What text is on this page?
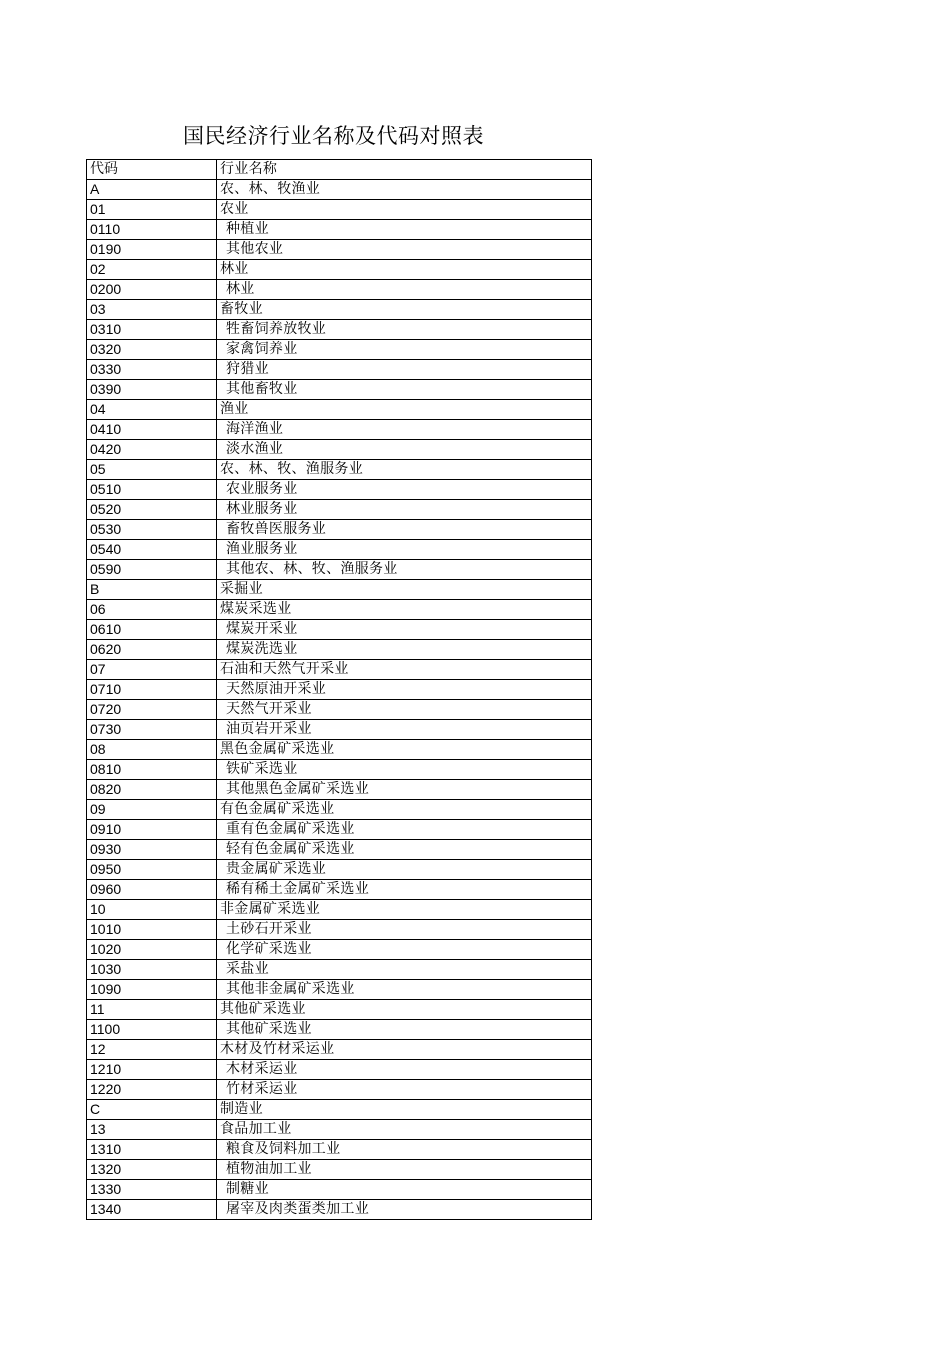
国民经济行业名称及代码对照表
代码	行业名称
A	农、林、牧渔业
01	农业
0110	种植业
0190	其他农业
02	林业
0200	林业
03	畜牧业
0310	牲畜饲养放牧业
0320	家禽饲养业
0330	狩猎业
0390	其他畜牧业
04	渔业
0410	海洋渔业
0420	淡水渔业
05	农、林、牧、渔服务业
0510	农业服务业
0520	林业服务业
0530	畜牧兽医服务业
0540	渔业服务业
0590	其他农、林、牧、渔服务业
B	采掘业
06	煤炭采选业
0610	煤炭开采业
0620	煤炭洗选业
07	石油和天然气开采业
0710	天然原油开采业
0720	天然气开采业
0730	油页岩开采业
08	黑色金属矿采选业
0810	铁矿采选业
0820	其他黑色金属矿采选业
09	有色金属矿采选业
0910	重有色金属矿采选业
0930	轻有色金属矿采选业
0950	贵金属矿采选业
0960	稀有稀土金属矿采选业
10	非金属矿采选业
1010	土砂石开采业
1020	化学矿采选业
1030	采盐业
1090	其他非金属矿采选业
11	其他矿采选业
1100	其他矿采选业
12	木材及竹材采运业
1210	木材采运业
1220	竹材采运业
C	制造业
13	食品加工业
1310	粮食及饲料加工业
1320	植物油加工业
1330	制糖业
1340	屠宰及肉类蛋类加工业
